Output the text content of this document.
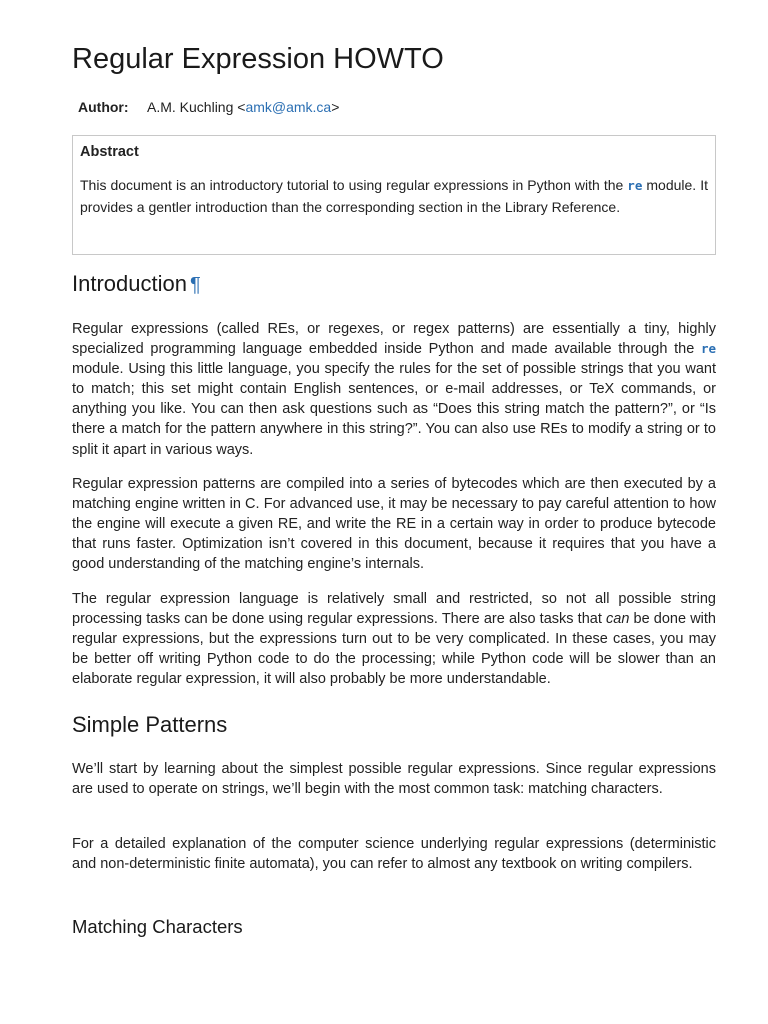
Regular Expression HOWTO
Author: A.M. Kuchling <amk@amk.ca>
Abstract

This document is an introductory tutorial to using regular expressions in Python with the re module. It provides a gentler introduction than the corresponding section in the Library Reference.

Introduction ¶

Regular expressions (called REs, or regexes, or regex patterns) are essentially a tiny, highly specialized programming language embedded inside Python and made available through the re module. Using this little language, you specify the rules for the set of possible strings that you want to match; this set might contain English sentences, or e-mail addresses, or TeX commands, or anything you like. You can then ask questions such as “Does this string match the pattern?”, or “Is there a match for the pattern anywhere in this string?”. You can also use REs to modify a string or to split it apart in various ways.

Regular expression patterns are compiled into a series of bytecodes which are then executed by a matching engine written in C. For advanced use, it may be necessary to pay careful attention to how the engine will execute a given RE, and write the RE in a certain way in order to produce bytecode that runs faster. Optimization isn’t covered in this document, because it requires that you have a good understanding of the matching engine’s internals.

The regular expression language is relatively small and restricted, so not all possible string processing tasks can be done using regular expressions. There are also tasks that can be done with regular expressions, but the expressions turn out to be very complicated. In these cases, you may be better off writing Python code to do the processing; while Python code will be slower than an elaborate regular expression, it will also probably be more understandable.

Simple Patterns

We’ll start by learning about the simplest possible regular expressions. Since regular expressions are used to operate on strings, we’ll begin with the most common task: matching characters.

For a detailed explanation of the computer science underlying regular expressions (deterministic and non-deterministic finite automata), you can refer to almost any textbook on writing compilers.

Matching Characters
